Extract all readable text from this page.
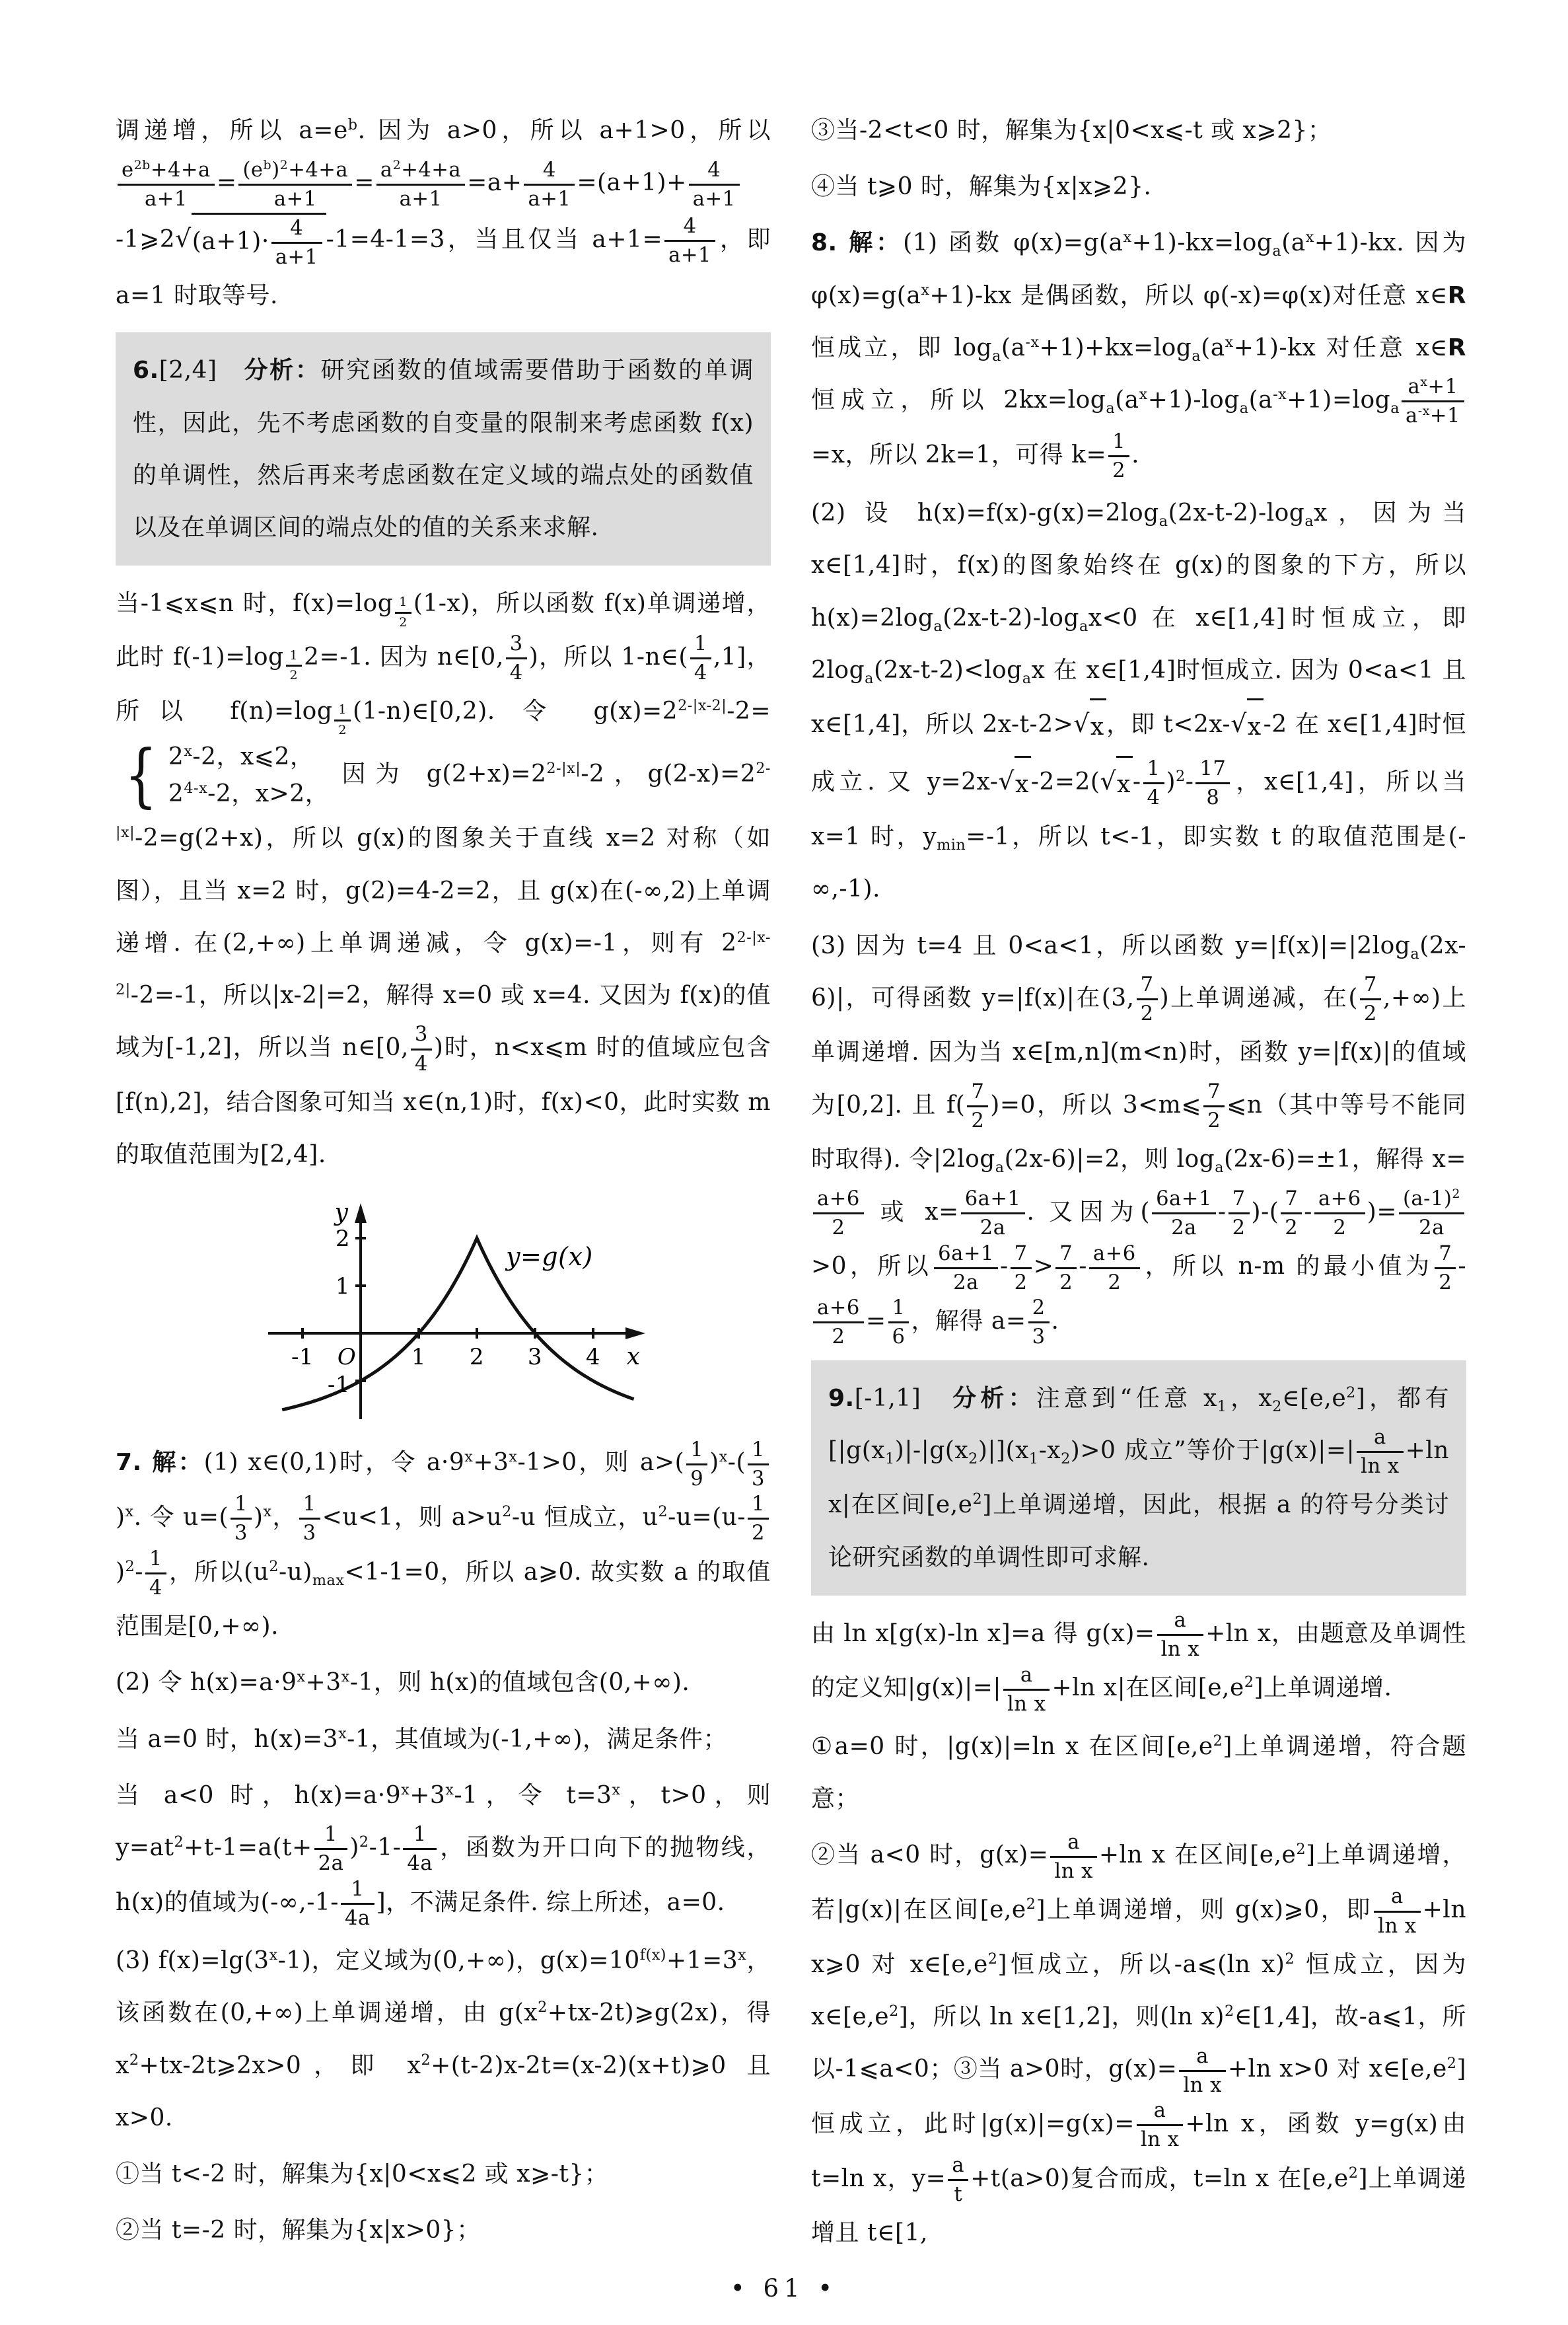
调递增，所以 $a=e^b$. 因为 a>0，所以 a+1>0，所以
$\frac{e^{2b}+4+a}{a+1} = \frac{(e^b)^2+4+a}{a+1} = \frac{a^2+4+a}{a+1} =a+ \frac{4}{a+1} =(a+1)+ \frac{4}{a+1}$
-1⩾2√(a+1)· $\frac{4}{a+1} -1=4-1=3$，当且仅当 $a+1= \frac{4}{a+1}$ ，即 a=1 时取等号.
6.[2,4]　分析：研究函数的值域需要借助于函数的单调性，因此，先不考虑函数的自变量的限制来考虑函数 f(x)的单调性，然后再来考虑函数在定义域的端点处的函数值以及在单调区间的端点处的值的关系来求解.
当-1⩽x⩽n 时，f(x)=log $_{\frac{1}{2}}$ (1-x)，所以函数 f(x)单调递增，此时 f(-1)=log $_{\frac{1}{2}}$ 2=-1. 因为 n∈[0, $\frac{3}{4}$ )，所以 1-n∈( $\frac{1}{4} ,1$]，所以 f(n)=log $_{\frac{1}{2}}$ (1-n)∈[0,2). 令 $g(x)=2^{2-|x-2|}-2=$
{ 2$^x$-2，x⩽2，
2$^{4-x}$-2，x>2，
因为 $g(2+x)=2^{2-|x|}-2$，$g(2-x)=2^{2-|x|}-2=g(2+x)$，所以 g(x)的图象关于直线 x=2 对称（如图），且当 x=2 时，g(2)=4-2=2，且 g(x)在(-∞,2)上单调递增. 在(2,+∞)上单调递减，令 g(x)=-1，则有 $2^{2-|x-2|}-2=-1$，所以|x-2|=2，解得 x=0 或 x=4. 又因为 f(x)的值域为[-1,2]，所以当 n∈[0, $\frac{3}{4}$ )时，n<x⩽m 时的值域应包含[f(n),2]，结合图象可知当 x∈(n,1)时，f(x)<0，此时实数 m 的取值范围为[2,4].
-1	1 2 3 4
O	x
y
2
1
-1
y=g(x)
7. 解：(1) x∈(0,1)时，令 $a\cdot 9^x+3^x-1>0$，则 $a>( \frac{1}{9} )^x-( \frac{1}{3}$
)$^x$. 令 $u=( \frac{1}{3} )^x$， $\frac{1}{3} <u<1$，则 $a>u^2-u$ 恒成立，$u^2-u=(u- \frac{1}{2}$
)$^2- \frac{1}{4}$ ，所以$(u^2-u)_{max}<1-1=0$，所以 a⩾0. 故实数 a 的取值范围是[0,+∞).
(2) 令 $h(x)=a\cdot 9^x+3^x-1$，则 h(x)的值域包含(0,+∞).
当 a=0 时，$h(x)=3^x-1$，其值域为(-1,+∞)，满足条件；
当 a<0 时，$h(x)=a\cdot 9^x+3^x-1$，令 $t=3^x$，t>0，则 $y=at^2+t-1=a(t+ \frac{1}{2a} )^2-1- \frac{1}{4a}$ ，函数为开口向下的抛物线，h(x)的值域为($-\infty,-1- \frac{1}{4a}$ ]，不满足条件. 综上所述，a=0.
(3) $f(x)=\lg(3^x-1)$，定义域为(0,+∞)，$g(x)=10^{f(x)}+1=3^x$，该函数在(0,+∞)上单调递增，由 $g(x^2+tx-2t)⩾g(2x)$，得 $x^2+tx-2t⩾2x>0$，即 $x^2+(t-2)x-2t=(x-2)(x+t)⩾0$ 且 x>0.
①当 t<-2 时，解集为{x|0<x⩽2 或 x⩾-t}；
②当 t=-2 时，解集为{x|x>0}；
③当-2<t<0 时，解集为{x|0<x⩽-t 或 x⩾2}；
④当 t⩾0 时，解集为{x|x⩾2}.
8. 解：(1) 函数 $\varphi(x)=g(a^x+1)-kx=\log_a(a^x+1)-kx$. 因为 $\varphi(x)=g(a^x+1)-kx$ 是偶函数，所以 φ(-x)=φ(x)对任意 x∈R 恒成立，即 $\log_a(a^{-x}+1)+kx=\log_a(a^x+1)-kx$ 对任意 x∈R 恒成立，所以 $2kx=\log_a(a^x+1)-\log_a(a^{-x}+1)=\log_a \frac{a^x+1}{a^{-x}+1}$
=x，所以 2k=1，可得 $k= \frac{1}{2}$ .
(2) 设 $h(x)=f(x)-g(x)=2\log_a(2x-t-2)-\log_ax$，因为当 x∈[1,4]时，f(x)的图象始终在 g(x)的图象的下方，所以 $h(x)=2\log_a(2x-t-2)-\log_ax<0$ 在 x∈[1,4]时恒成立，即 $2\log_a(2x-t-2)<\log_ax$ 在 x∈[1,4]时恒成立. 因为 0<a<1 且 x∈[1,4]，所以 2x-t-2>√x，即 t<2x-√x-2 在 x∈[1,4]时恒成立. 又 $y=2x-√x-2=2(√x- \frac{1}{4} )^2- \frac{17}{8}$ ，x∈[1,4]，所以当 x=1 时，$y_{min}=-1$，所以 t<-1，即实数 t 的取值范围是(-∞,-1).
(3) 因为 t=4 且 0<a<1，所以函数 $y=|f(x)|=|2\log_a(2x-6)|$，可得函数 y=|f(x)|在(3, $\frac{7}{2}$ )上单调递减，在( $\frac{7}{2}$ ,+∞)上单调递增. 因为当 x∈[m,n](m<n)时，函数 y=|f(x)|的值域为[0,2]. 且 $f( \frac{7}{2} )=0$，所以 3<m⩽ $\frac{7}{2}$ ⩽n（其中等号不能同时取得). 令$|2\log_a(2x-6)|=2$，则 $\log_a(2x-6)=\pm 1$，解得 x=
$\frac{a+6}{2}$ 或 $x= \frac{6a+1}{2a}$ . 又因为( $\frac{6a+1}{2a} - \frac{7}{2}$ )-( $\frac{7}{2} - \frac{a+6}{2}$ )= $\frac{(a-1)^2}{2a}$
>0，所以 $\frac{6a+1}{2a} - \frac{7}{2} > \frac{7}{2} - \frac{a+6}{2}$ ，所以 n-m 的最小值为 $\frac{7}{2}$ -
$\frac{a+6}{2} = \frac{1}{6}$ ，解得 $a= \frac{2}{3}$ .
9.[-1,1]　分析：注意到“任意 $x_1$，$x_2\in[e,e^2]$，都有$[|g(x_1)|-|g(x_2)|](x_1-x_2)>0$ 成立”等价于$|g(x)|=| \frac{a}{\text{ln x}} +\ln$ x|在区间$[e,e^2]$上单调递增，因此，根据 a 的符号分类讨论研究函数的单调性即可求解.
由 ln x[g(x)-ln x]=a 得 $g(x)= \frac{a}{\text{ln x}} +\ln$ x，由题意及单调性的定义知$|g(x)|=| \frac{a}{\text{ln x}} +\ln$ x|在区间$[e,e^2]$上单调递增.
①a=0 时，|g(x)|=ln x 在区间$[e,e^2]$上单调递增，符合题意；
②当 a<0 时，$g(x)= \frac{a}{\text{ln x}} +\ln$ x 在区间$[e,e^2]$上单调递增，若|g(x)|在区间$[e,e^2]$上单调递增，则 g(x)⩾0，即 $\frac{a}{\text{ln x}} +\ln$ x⩾0 对 $x\in[e,e^2]$恒成立，所以-a⩽(ln x)$^2$ 恒成立，因为 $x\in[e,e^2]$，所以 ln x∈[1,2]，则(ln x)$^2$∈[1,4]，故-a⩽1，所以-1⩽a<0；③当 a>0时，$g(x)= \frac{a}{\text{ln x}} +\ln$ x>0 对 $x\in[e,e^2]$恒成立，此时$|g(x)|=g(x)= \frac{a}{\text{ln x}} +\ln$ x，函数 y=g(x)由 t=ln x，$y= \frac{a}{t} +t(a>0)$复合而成，t=ln x 在$[e,e^2]$上单调递增且 t∈[1,
• 61 •
